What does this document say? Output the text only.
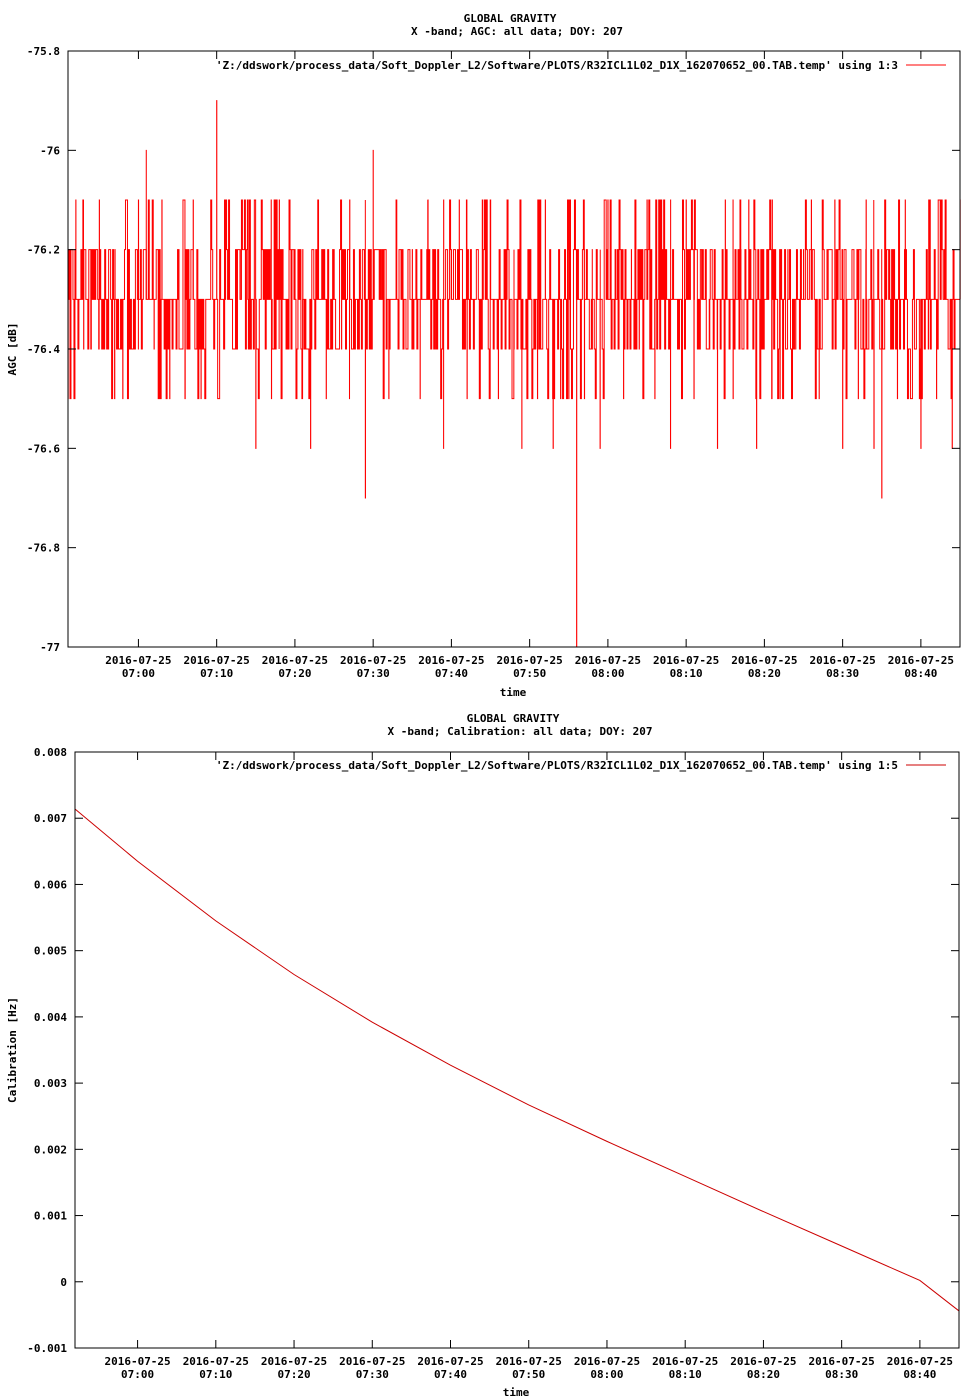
GLOBAL GRAVITY
X -band; AGC: all data; DOY: 207
-75.8
-76
-76.2
-76.4
-76.6
-76.8
-77
2016-07-25
07:00
2016-07-25
07:10
2016-07-25
07:20
2016-07-25
07:30
2016-07-25
07:40
2016-07-25
07:50
2016-07-25
08:00
2016-07-25
08:10
2016-07-25
08:20
2016-07-25
08:30
2016-07-25
08:40
time
AGC [dB]
'Z:/ddswork/process_data/Soft_Doppler_L2/Software/PLOTS/R32ICL1L02_D1X_162070652_00.TAB.temp' using 1:3
GLOBAL GRAVITY
X -band; Calibration: all data; DOY: 207
0.008
0.007
0.006
0.005
0.004
0.003
0.002
0.001
0
-0.001
2016-07-25
07:00
2016-07-25
07:10
2016-07-25
07:20
2016-07-25
07:30
2016-07-25
07:40
2016-07-25
07:50
2016-07-25
08:00
2016-07-25
08:10
2016-07-25
08:20
2016-07-25
08:30
2016-07-25
08:40
time
Calibration [Hz]
'Z:/ddswork/process_data/Soft_Doppler_L2/Software/PLOTS/R32ICL1L02_D1X_162070652_00.TAB.temp' using 1:5
